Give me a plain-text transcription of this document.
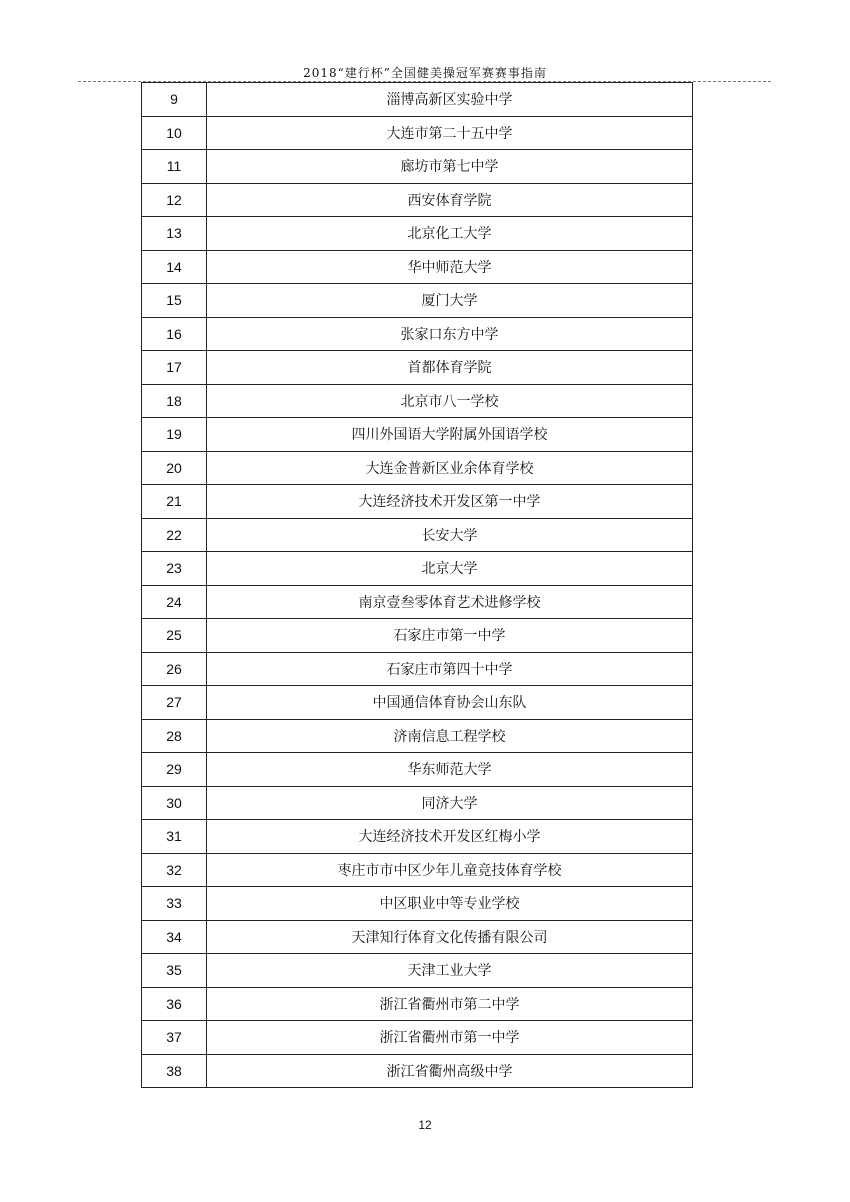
2018“建行杯”全国健美操冠军赛赛事指南
9	淄博高新区实验中学
10	大连市第二十五中学
11	廊坊市第七中学
12	西安体育学院
13	北京化工大学
14	华中师范大学
15	厦门大学
16	张家口东方中学
17	首都体育学院
18	北京市八一学校
19	四川外国语大学附属外国语学校
20	大连金普新区业余体育学校
21	大连经济技术开发区第一中学
22	长安大学
23	北京大学
24	南京壹叁零体育艺术进修学校
25	石家庄市第一中学
26	石家庄市第四十中学
27	中国通信体育协会山东队
28	济南信息工程学校
29	华东师范大学
30	同济大学
31	大连经济技术开发区红梅小学
32	枣庄市市中区少年儿童竞技体育学校
33	中区职业中等专业学校
34	天津知行体育文化传播有限公司
35	天津工业大学
36	浙江省衢州市第二中学
37	浙江省衢州市第一中学
38	浙江省衢州高级中学
12
